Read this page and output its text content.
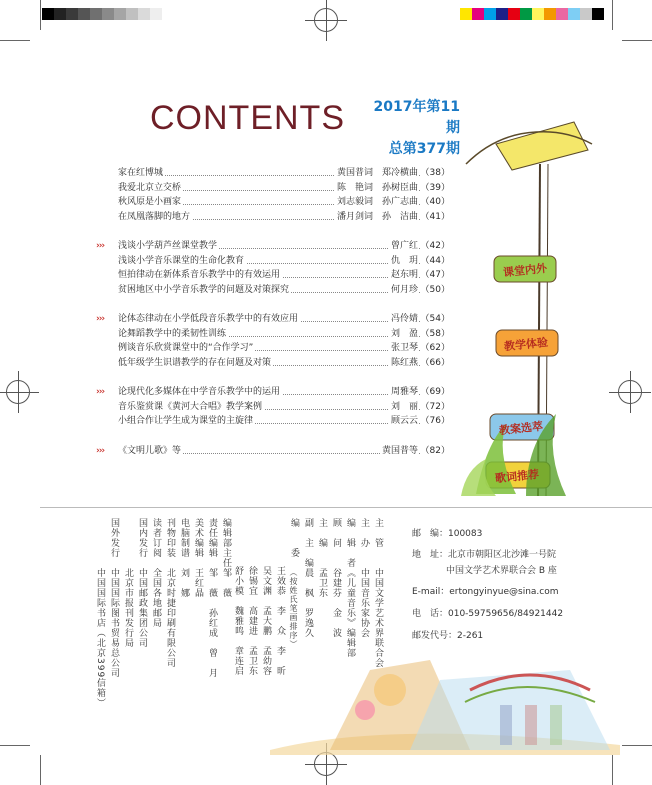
课堂内外
教学体验
教案选萃
歌词推荐
CONTENTS	2017年第11期
总第377期
家在红博城	黄国普词　郑冷横曲 （38）
我爱北京立交桥	陈　艳词　孙树臣曲 （39）
秋风原是小画家	刘志毅词　孙广志曲 （40）
在凤凰落脚的地方	潘月剑词　孙　洁曲 （41）
››› 浅谈小学葫芦丝课堂教学	曾广红 （42）
浅谈小学音乐课堂的生命化教育	仇　玥 （44）
恒拍律动在新体系音乐教学中的有效运用	赵东明 （47）
贫困地区中小学音乐教学的问题及对策探究	何月珍 （50）
››› 论体态律动在小学低段音乐教学中的有效应用	冯伶婧 （54）
论舞蹈教学中的柔韧性训练	刘　盈 （58）
例谈音乐欣赏课堂中的“合作学习”	张卫琴 （62）
低年级学生识谱教学的存在问题及对策	陈红燕 （66）
››› 论现代化多媒体在中学音乐教学中的运用	周雅琴 （69）
音乐鉴赏课《黄河大合唱》教学案例	刘　丽 （72）
小组合作让学生成为课堂的主旋律	顾云云 （76）
››› 《文明儿歌》等	黄国普等 （82）
主　管
中国文学艺术界联合会
主　办
中国音乐家协会
编　辑　者
《儿童音乐》编辑部
顾　问
谷建芬　金　波
主　编
孟卫东
副　主　编
晨　枫　罗逸久
编　　委
（按姓氏笔画排序）
王效恭　李　众　李　昕
吴文渊　孟大鹏　孟幼容
徐锡宜　高建进　孟卫东
舒小模　魏雅鸣　章连启
编辑部主任
邹　薇
责任编辑
邹　薇　孙红成　曾　月
美术编辑
王红晶
电脑制谱
刘　娜
刊物印装
北京时捷印刷有限公司
读者订阅
全国各地邮局
国内发行
中国邮政集团公司
北京市报刊发行局
国外发行
中国国际图书贸易总公司
中国国际书店（北京399信箱）
邮　编：100083
地　址：北京市朝阳区北沙滩一号院
中国文学艺术界联合会 B 座
E-mail：ertongyinyue@sina.com
电　话：010-59759656/84921442
邮发代号：2-261
